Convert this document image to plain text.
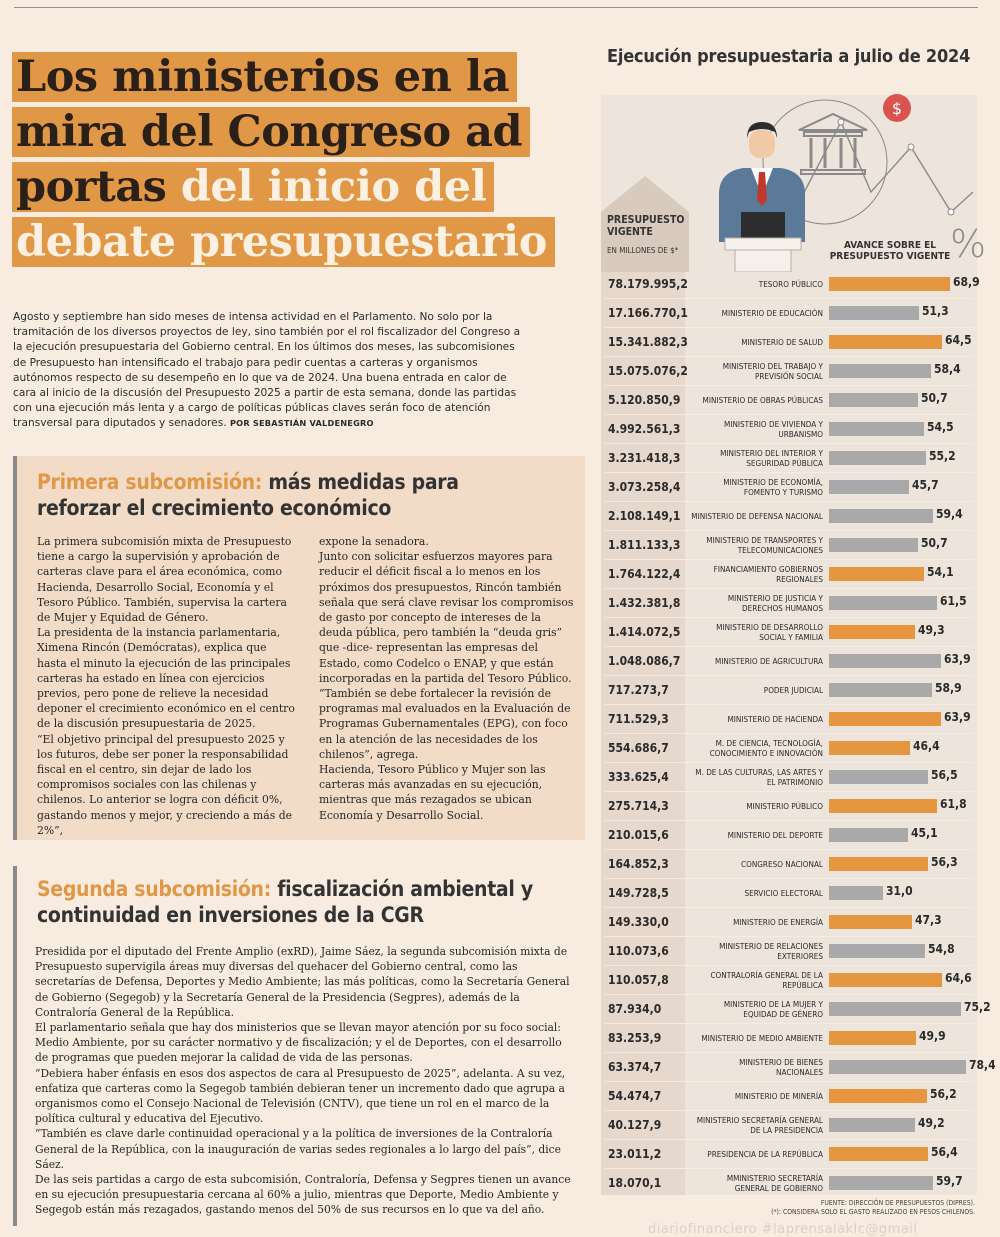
Los ministerios en la
mira del Congreso ad
portas del inicio del
debate presupuestario

Agosto y septiembre han sido meses de intensa actividad en el Parlamento. No solo por la tramitación de los diversos proyectos de ley, sino también por el rol fiscalizador del Congreso a la ejecución presupuestaria del Gobierno central. En los últimos dos meses, las subcomisiones de Presupuesto han intensificado el trabajo para pedir cuentas a carteras y organismos autónomos respecto de su desempeño en lo que va de 2024. Una buena entrada en calor de cara al inicio de la discusión del Presupuesto 2025 a partir de esta semana, donde las partidas con una ejecución más lenta y a cargo de políticas públicas claves serán foco de atención transversal para diputados y senadores. POR SEBASTIÁN VALDENEGRO

Primera subcomisión: más medidas para reforzar el crecimiento económico

La primera subcomisión mixta de Presupuesto tiene a cargo la supervisión y aprobación de carteras clave para el área económica, como Hacienda, Desarrollo Social, Economía y el Tesoro Público. También, supervisa la cartera de Mujer y Equidad de Género.

La presidenta de la instancia parlamentaria, Ximena Rincón (Demócratas), explica que hasta el minuto la ejecución de las principales carteras ha estado en línea con ejercicios previos, pero pone de relieve la necesidad deponer el crecimiento económico en el centro de la discusión presupuestaria de 2025.

“El objetivo principal del presupuesto 2025 y los futuros, debe ser poner la responsabilidad fiscal en el centro, sin dejar de lado los compromisos sociales con las chilenas y chilenos. Lo anterior se logra con déficit 0%, gastando menos y mejor, y creciendo a más de 2%”,

expone la senadora.

Junto con solicitar esfuerzos mayores para reducir el déficit fiscal a lo menos en los próximos dos presupuestos, Rincón también señala que será clave revisar los compromisos de gasto por concepto de intereses de la deuda pública, pero también la “deuda gris” que -dice- representan las empresas del Estado, como Codelco o ENAP, y que están incorporadas en la partida del Tesoro Público.

“También se debe fortalecer la revisión de programas mal evaluados en la Evaluación de Programas Gubernamentales (EPG), con foco en la atención de las necesidades de los chilenos”, agrega.

Hacienda, Tesoro Público y Mujer son las carteras más avanzadas en su ejecución, mientras que más rezagados se ubican Economía y Desarrollo Social.

Segunda subcomisión: fiscalización ambiental y continuidad en inversiones de la CGR

Presidida por el diputado del Frente Amplio (exRD), Jaime Sáez, la segunda subcomisión mixta de Presupuesto supervigila áreas muy diversas del quehacer del Gobierno central, como las secretarías de Defensa, Deportes y Medio Ambiente; las más políticas, como la Secretaría General de Gobierno (Segegob) y la Secretaría General de la Presidencia (Segpres), además de la Contraloría General de la República.

El parlamentario señala que hay dos ministerios que se llevan mayor atención por su foco social: Medio Ambiente, por su carácter normativo y de fiscalización; y el de Deportes, con el desarrollo de programas que pueden mejorar la calidad de vida de las personas.

“Debiera haber énfasis en esos dos aspectos de cara al Presupuesto de 2025”, adelanta. A su vez, enfatiza que carteras como la Segegob también debieran tener un incremento dado que agrupa a organismos como el Consejo Nacional de Televisión (CNTV), que tiene un rol en el marco de la política cultural y educativa del Ejecutivo.

“También es clave darle continuidad operacional y a la política de inversiones de la Contraloría General de la República, con la inauguración de varias sedes regionales a lo largo del país”, dice Sáez.

De las seis partidas a cargo de esta subcomisión, Contraloría, Defensa y Segpres tienen un avance en su ejecución presupuestaria cercana al 60% a julio, mientras que Deporte, Medio Ambiente y Segegob están más rezagados, gastando menos del 50% de sus recursos en lo que va del año.

Ejecución presupuestaria a julio de 2024
$
PRESUPUESTO
VIGENTE
EN MILLONES DE $*	AVANCE SOBRE EL
PRESUPUESTO VIGENTE %
78.179.995,2	TESORO PÚBLICO	68,9
17.166.770,1	MINISTERIO DE EDUCACIÓN	51,3
15.341.882,3	MINISTERIO DE SALUD	64,5
15.075.076,2	MINISTERIO DEL TRABAJO Y PREVISIÓN SOCIAL	58,4
5.120.850,9	MINISTERIO DE OBRAS PÚBLICAS	50,7
4.992.561,3	MINISTERIO DE VIVIENDA Y URBANISMO	54,5
3.231.418,3	MINISTERIO DEL INTERIOR Y SEGURIDAD PÚBLICA	55,2
3.073.258,4	MINISTERIO DE ECONOMÍA, FOMENTO Y TURISMO	45,7
2.108.149,1	MINISTERIO DE DEFENSA NACIONAL	59,4
1.811.133,3	MINISTERIO DE TRANSPORTES Y TELECOMUNICACIONES	50,7
1.764.122,4	FINANCIAMIENTO GOBIERNOS REGIONALES	54,1
1.432.381,8	MINISTERIO DE JUSTICIA Y DERECHOS HUMANOS	61,5
1.414.072,5	MINISTERIO DE DESARROLLO SOCIAL Y FAMILIA	49,3
1.048.086,7	MINISTERIO DE AGRICULTURA	63,9
717.273,7	PODER JUDICIAL	58,9
711.529,3	MINISTERIO DE HACIENDA	63,9
554.686,7	M. DE CIENCIA, TECNOLOGÍA, CONOCIMIENTO E INNOVACIÓN	46,4
333.625,4	M. DE LAS CULTURAS, LAS ARTES Y EL PATRIMONIO	56,5
275.714,3	MINISTERIO PÚBLICO	61,8
210.015,6	MINISTERIO DEL DEPORTE	45,1
164.852,3	CONGRESO NACIONAL	56,3
149.728,5	SERVICIO ELECTORAL	31,0
149.330,0	MINISTERIO DE ENERGÍA	47,3
110.073,6	MINISTERIO DE RELACIONES EXTERIORES	54,8
110.057,8	CONTRALORÍA GENERAL DE LA REPÚBLICA	64,6
87.934,0	MINISTERIO DE LA MUJER Y EQUIDAD DE GÉNERO	75,2
83.253,9	MINISTERIO DE MEDIO AMBIENTE	49,9
63.374,7	MINISTERIO DE BIENES NACIONALES	78,4
54.474,7	MINISTERIO DE MINERÍA	56,2
40.127,9	MINISTERIO SECRETARÍA GENERAL DE LA PRESIDENCIA	49,2
23.011,2	PRESIDENCIA DE LA REPÚBLICA	56,4
18.070,1	MMINISTERIO SECRETARÍA GENERAL DE GOBIERNO	59,7
FUENTE: DIRECCIÓN DE PRESUPUESTOS (DIPRES).
(*): CONSIDERA SOLO EL GASTO REALIZADO EN PESOS CHILENOS.
diariofinanciero #laprensalaklc@gmail
